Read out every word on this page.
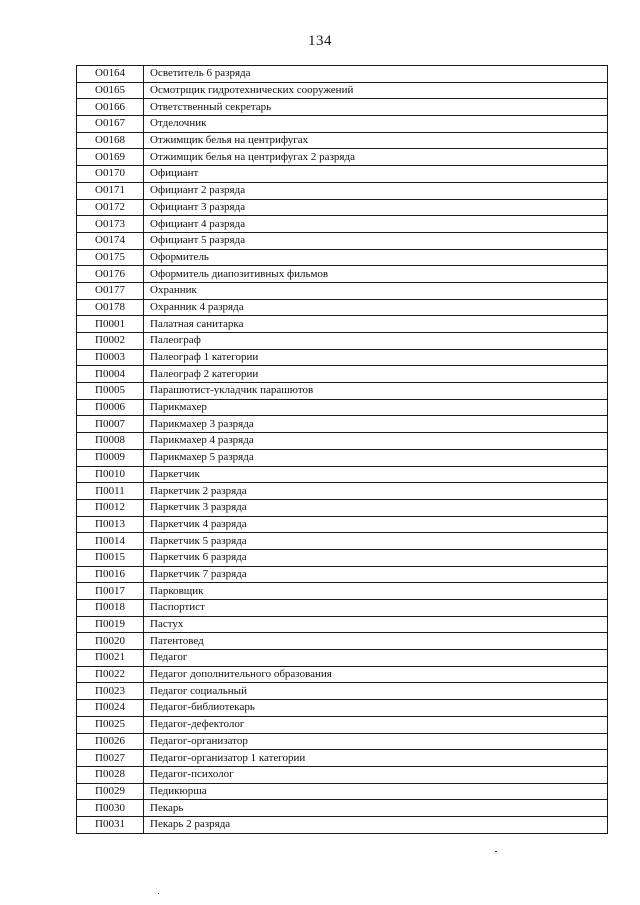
134
О0164	Осветитель 6 разряда
О0165	Осмотрщик гидротехнических сооружений
О0166	Ответственный секретарь
О0167	Отделочник
О0168	Отжимщик белья на центрифугах
О0169	Отжимщик белья на центрифугах 2 разряда
О0170	Официант
О0171	Официант 2 разряда
О0172	Официант 3 разряда
О0173	Официант 4 разряда
О0174	Официант 5 разряда
О0175	Оформитель
О0176	Оформитель диапозитивных фильмов
О0177	Охранник
О0178	Охранник 4 разряда
П0001	Палатная санитарка
П0002	Палеограф
П0003	Палеограф 1 категории
П0004	Палеограф 2 категории
П0005	Парашютист-укладчик парашютов
П0006	Парикмахер
П0007	Парикмахер 3 разряда
П0008	Парикмахер 4 разряда
П0009	Парикмахер 5 разряда
П0010	Паркетчик
П0011	Паркетчик 2 разряда
П0012	Паркетчик 3 разряда
П0013	Паркетчик 4 разряда
П0014	Паркетчик 5 разряда
П0015	Паркетчик 6 разряда
П0016	Паркетчик 7 разряда
П0017	Парковщик
П0018	Паспортист
П0019	Пастух
П0020	Патентовед
П0021	Педагог
П0022	Педагог дополнительного образования
П0023	Педагог социальный
П0024	Педагог-библиотекарь
П0025	Педагог-дефектолог
П0026	Педагог-организатор
П0027	Педагог-организатор 1 категории
П0028	Педагог-психолог
П0029	Педикюрша
П0030	Пекарь
П0031	Пекарь 2 разряда
